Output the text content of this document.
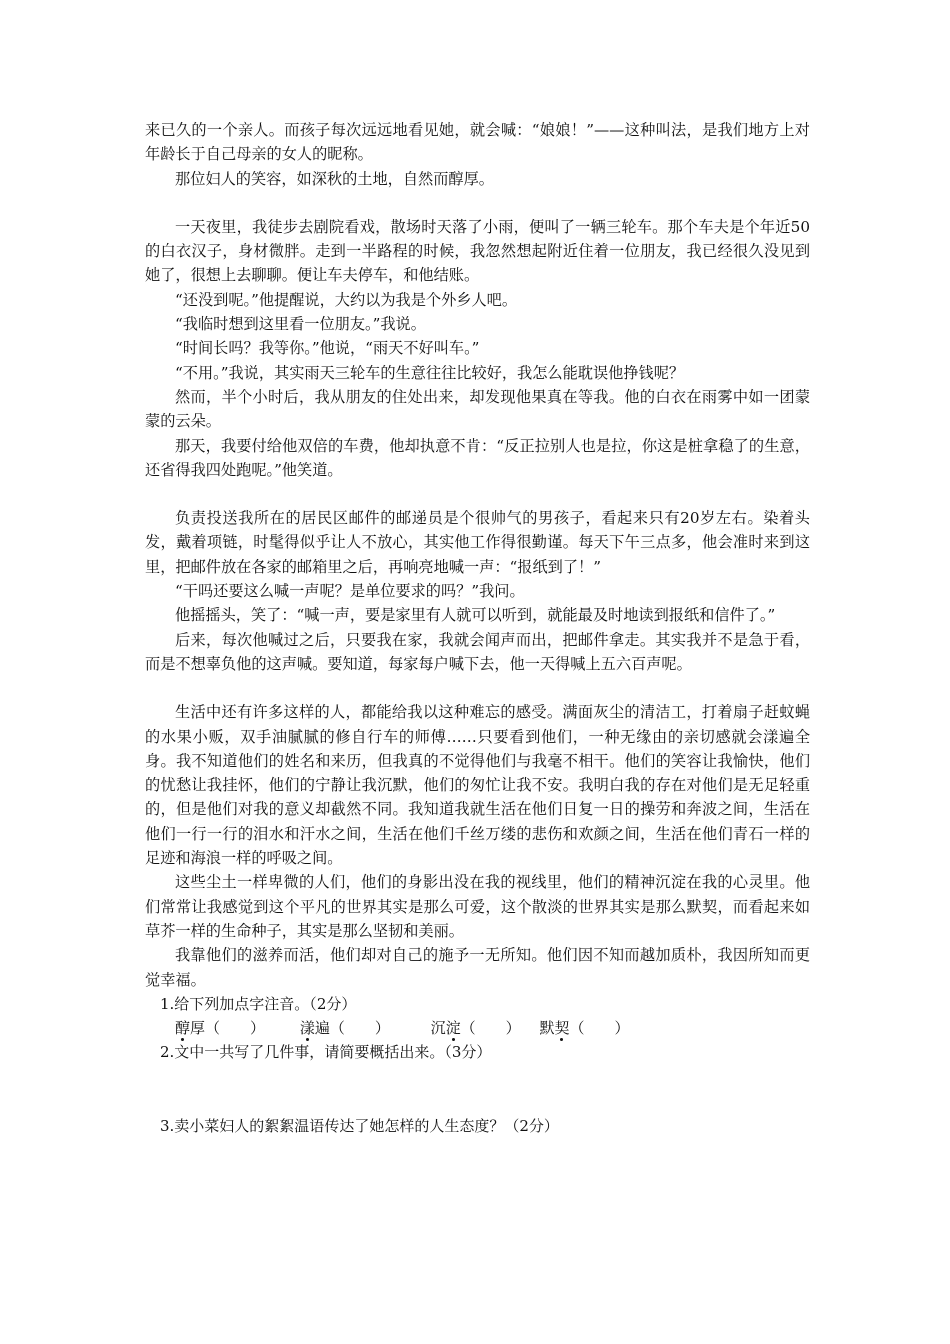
来已久的一个亲人。而孩子每次远远地看见她，就会喊：“娘娘！”——这种叫法，是我们地方上对年龄长于自己母亲的女人的昵称。

那位妇人的笑容，如深秋的土地，自然而醇厚。

一天夜里，我徒步去剧院看戏，散场时天落了小雨，便叫了一辆三轮车。那个车夫是个年近50的白衣汉子，身材微胖。走到一半路程的时候，我忽然想起附近住着一位朋友，我已经很久没见到她了，很想上去聊聊。便让车夫停车，和他结账。

“还没到呢。”他提醒说，大约以为我是个外乡人吧。

“我临时想到这里看一位朋友。”我说。

“时间长吗？我等你。”他说，“雨天不好叫车。”

“不用。”我说，其实雨天三轮车的生意往往比较好，我怎么能耽误他挣钱呢？

然而，半个小时后，我从朋友的住处出来，却发现他果真在等我。他的白衣在雨雾中如一团蒙蒙的云朵。

那天，我要付给他双倍的车费，他却执意不肯：“反正拉别人也是拉，你这是桩拿稳了的生意，还省得我四处跑呢。”他笑道。

负责投送我所在的居民区邮件的邮递员是个很帅气的男孩子，看起来只有20岁左右。染着头发，戴着项链，时髦得似乎让人不放心，其实他工作得很勤谨。每天下午三点多，他会准时来到这里，把邮件放在各家的邮箱里之后，再响亮地喊一声：“报纸到了！”

“干吗还要这么喊一声呢？是单位要求的吗？”我问。

他摇摇头，笑了：“喊一声，要是家里有人就可以听到，就能最及时地读到报纸和信件了。”

后来，每次他喊过之后，只要我在家，我就会闻声而出，把邮件拿走。其实我并不是急于看，而是不想辜负他的这声喊。要知道，每家每户喊下去，他一天得喊上五六百声呢。

生活中还有许多这样的人，都能给我以这种难忘的感受。满面灰尘的清洁工，打着扇子赶蚊蝇的水果小贩，双手油腻腻的修自行车的师傅……只要看到他们，一种无缘由的亲切感就会漾遍全身。我不知道他们的姓名和来历，但我真的不觉得他们与我毫不相干。他们的笑容让我愉快，他们的忧愁让我挂怀，他们的宁静让我沉默，他们的匆忙让我不安。我明白我的存在对他们是无足轻重的，但是他们对我的意义却截然不同。我知道我就生活在他们日复一日的操劳和奔波之间，生活在他们一行一行的泪水和汗水之间，生活在他们千丝万缕的悲伤和欢颜之间，生活在他们青石一样的足迹和海浪一样的呼吸之间。

这些尘土一样卑微的人们，他们的身影出没在我的视线里，他们的精神沉淀在我的心灵里。他们常常让我感觉到这个平凡的世界其实是那么可爱，这个散淡的世界其实是那么默契，而看起来如草芥一样的生命种子，其实是那么坚韧和美丽。

我靠他们的滋养而活，他们却对自己的施予一无所知。他们因不知而越加质朴，我因所知而更觉幸福。

1.给下列加点字注音。（2分）

醇厚（　　） 漾遍（　　）	沉淀（　　） 默契（　　）

2.文中一共写了几件事，请简要概括出来。（3分）

3.卖小菜妇人的絮絮温语传达了她怎样的人生态度？（2分）
